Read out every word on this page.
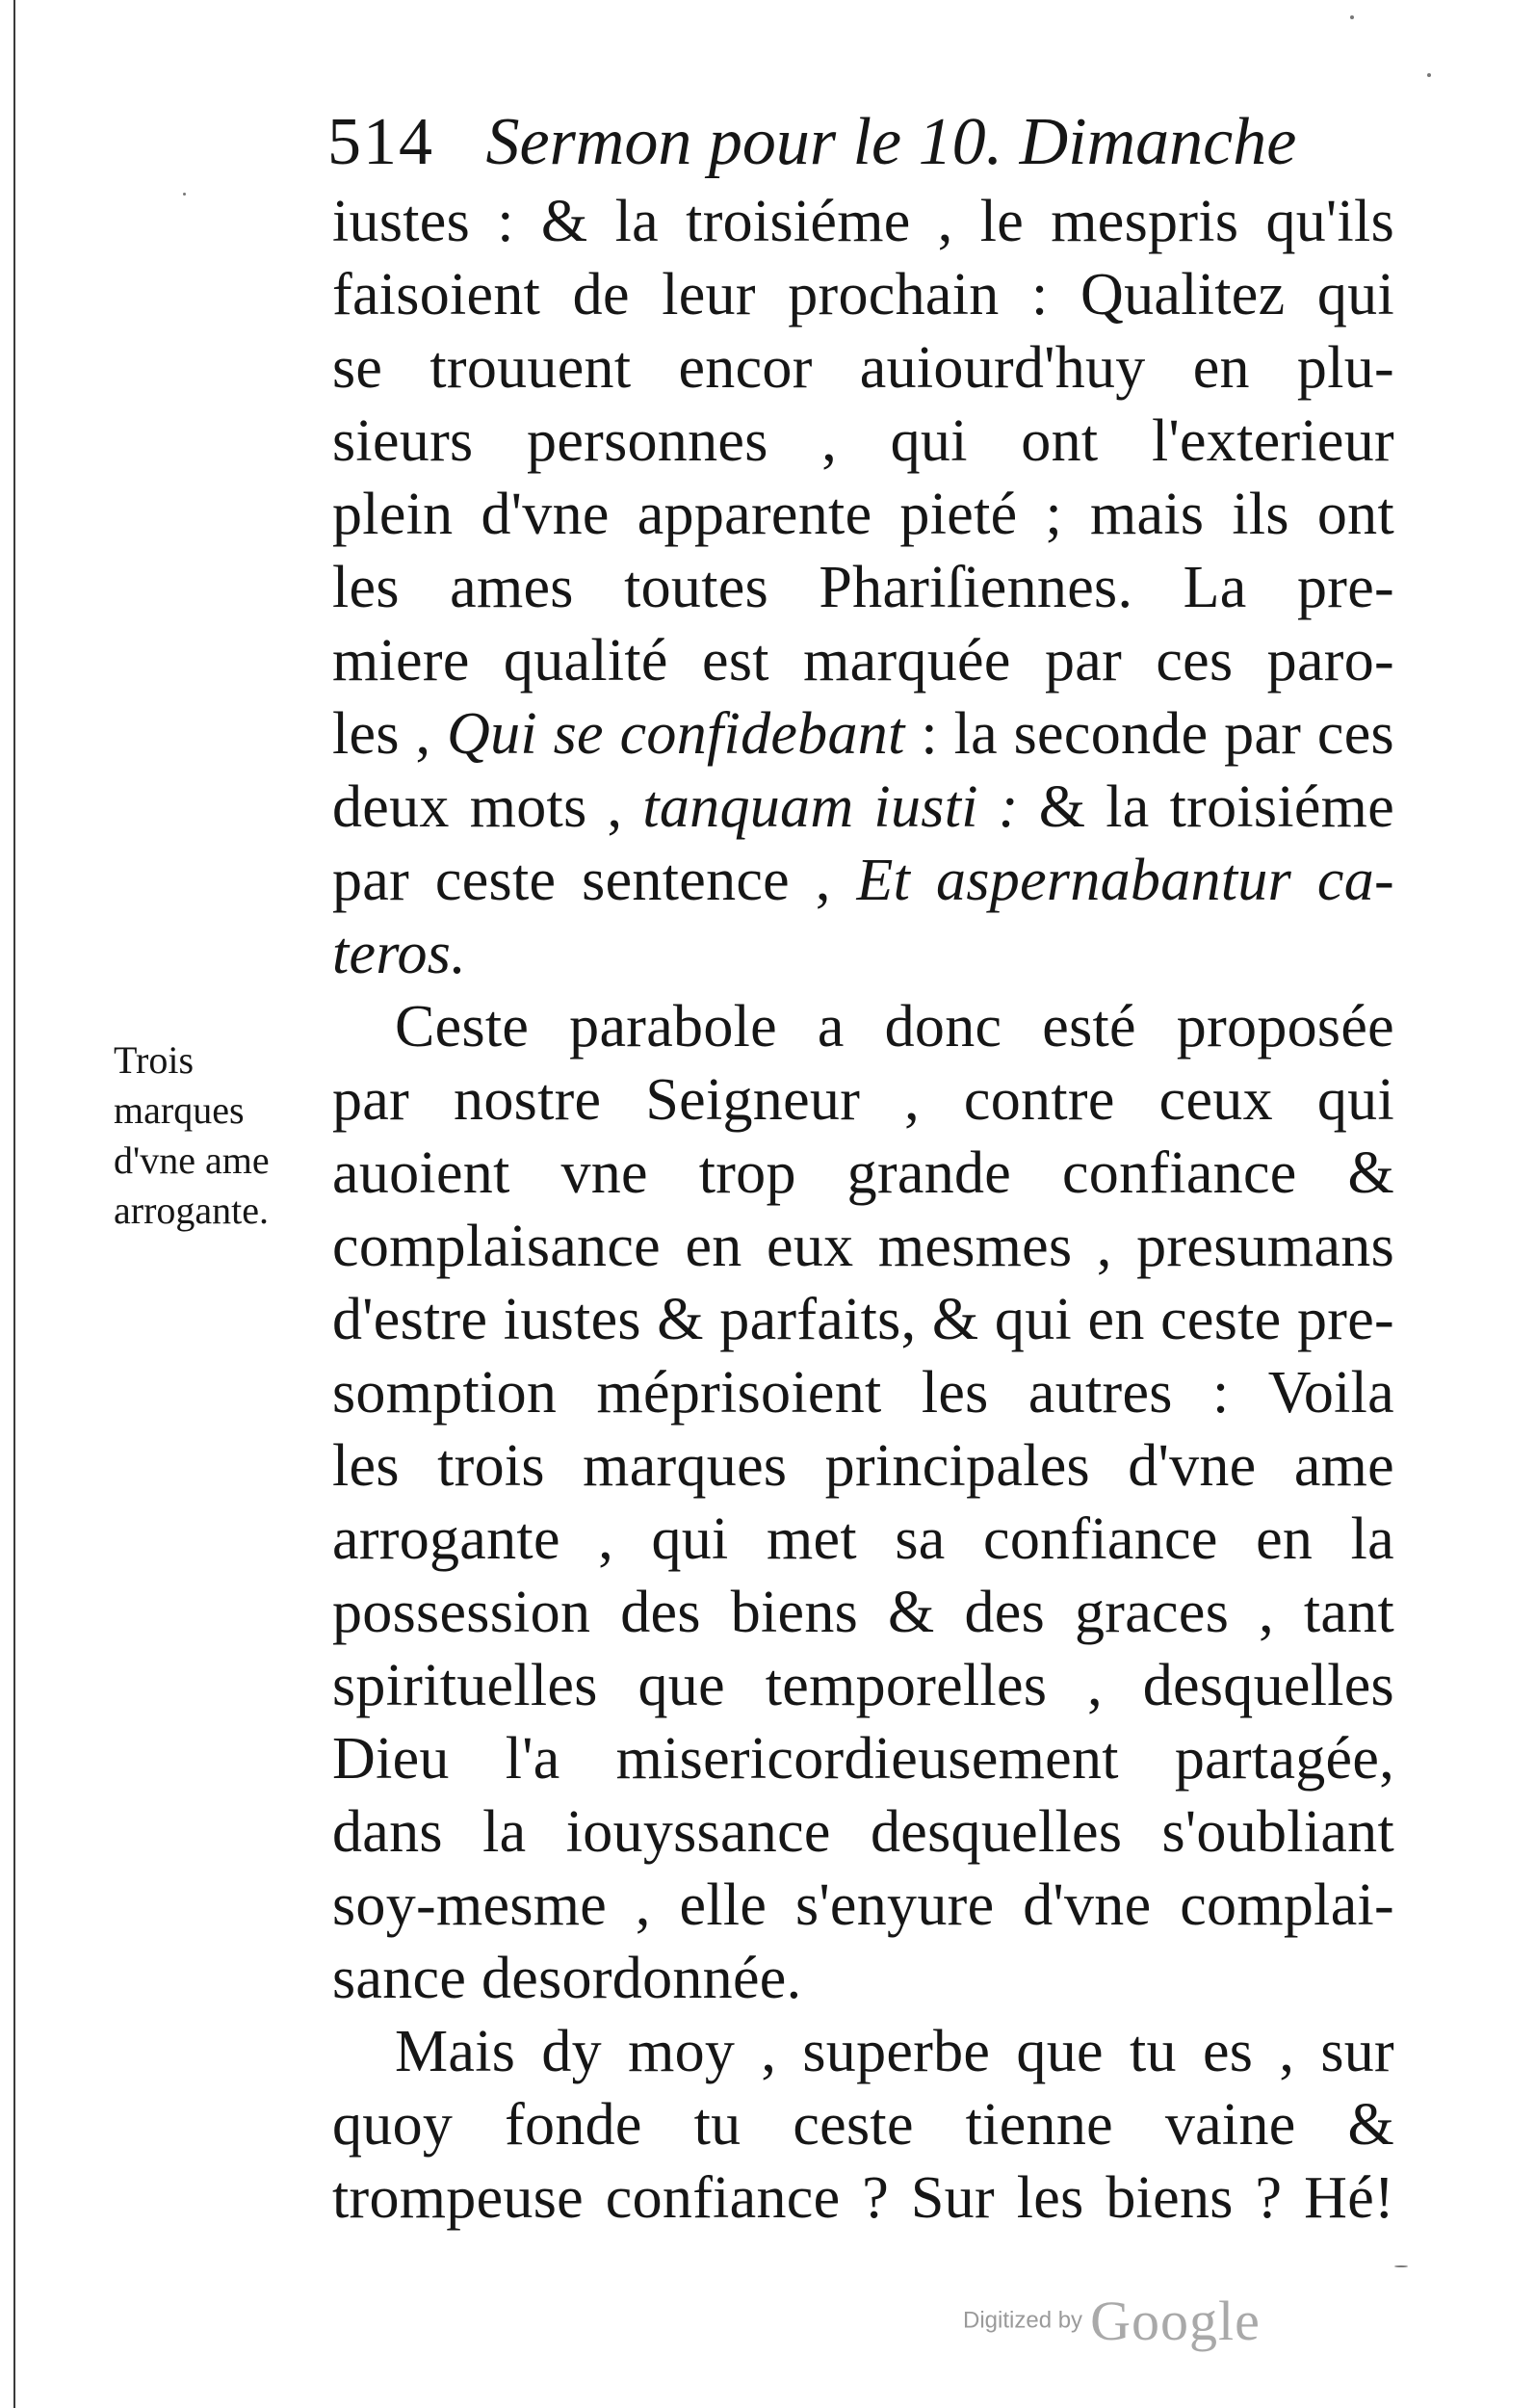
514 Sermon pour le 10. Dimanche
iustes : & la troisiéme , le mespris qu'ils
faisoient de leur prochain : Qualitez qui
se trouuent encor auiourd'huy en plu-
sieurs personnes , qui ont l'exterieur
plein d'vne apparente pieté ; mais ils ont
les ames toutes Phariſiennes. La pre-
miere qualité est marquée par ces paro-
les , Qui se confidebant : la seconde par ces
deux mots , tanquam iusti : & la troisiéme
par ceste sentence , Et aspernabantur ca-
teros.
Ceste parabole a donc esté proposée
par nostre Seigneur , contre ceux qui
auoient vne trop grande confiance &
complaisance en eux mesmes , presumans
d'estre iustes & parfaits, & qui en ceste pre-
somption méprisoient les autres : Voila
les trois marques principales d'vne ame
arrogante , qui met sa confiance en la
possession des biens & des graces , tant
spirituelles que temporelles , desquelles
Dieu l'a misericordieusement partagée,
dans la iouyssance desquelles s'oubliant
soy-mesme , elle s'enyure d'vne complai-
sance desordonnée.
Mais dy moy , superbe que tu es , sur
quoy fonde tu ceste tienne vaine &
trompeuse confiance ? Sur les biens ? Hé!
Trois
marques
d'vne ame
arrogante.
Digitized by Google
